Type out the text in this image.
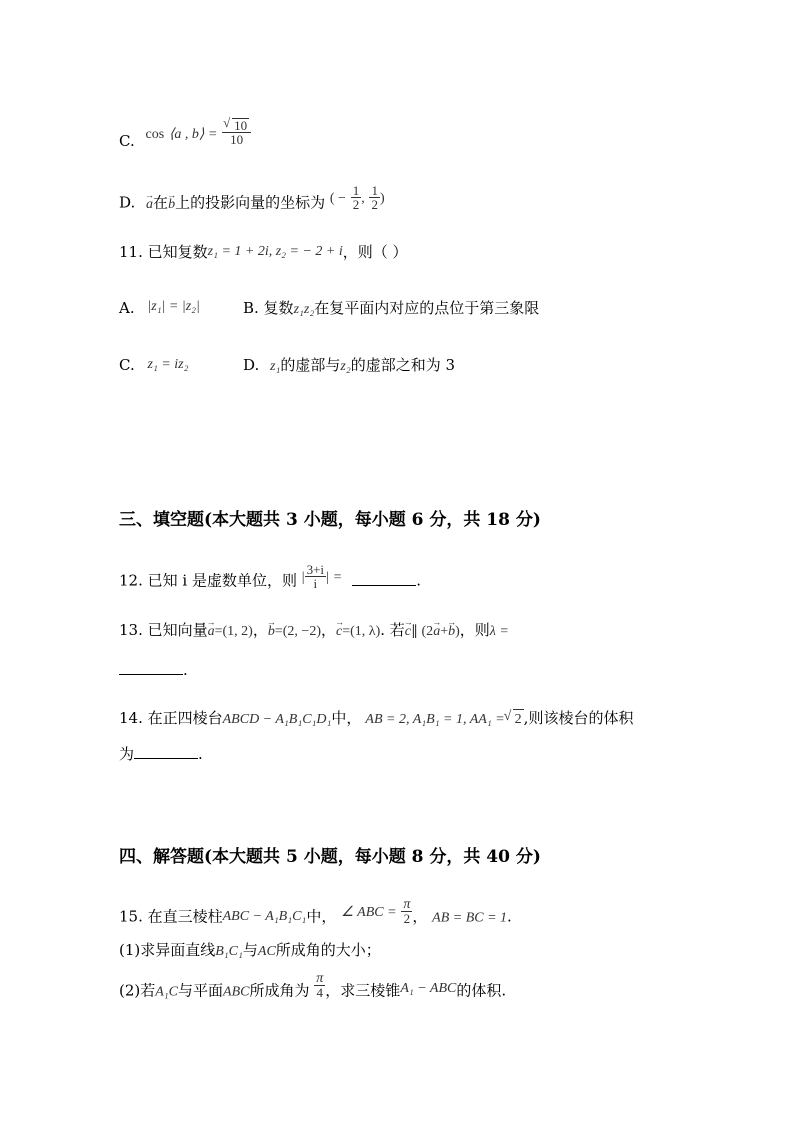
C. cos ⟨a , b⟩ = √ $\frac{10}{10}$
D. → a在→ b上的投影向量的坐标为 ( − $\frac{1}{2}$ , $\frac{1}{2}$ )
11. 已知复数z₁ = 1 + 2i, z₂ = − 2 + i，则（ ）
A. |z₁| = |z₂|	B. 复数z₁z₂在复平面内对应的点位于第三象限
C. z₁ = iz₂	D. z₁的虚部与z₂的虚部之和为 3
三、填空题(本大题共 3 小题，每小题 6 分，共 18 分)
12. 已知 i 是虚数单位，则 | $\frac{3+i}{i}$ | =	.
13. 已知向量→ a=(1, 2)，→ b=(2, −2)，→ c=(1, λ). 若→ c∥ (2→ a+→ b)，则λ =
.
14. 在正四棱台ABCD − A₁B₁C₁D₁中， AB = 2, A₁B₁ = 1, AA₁ = √ 2 ,则该棱台的体积
为	.
四、解答题(本大题共 5 小题，每小题 8 分，共 40 分)
15. 在直三棱柱ABC − A₁B₁C₁中， ∠ ABC = $\frac{\pi}{2}$ ， AB = BC = 1.
(1)求异面直线B₁C₁与AC所成角的大小；
(2)若A₁C与平面ABC所成角为 $\frac{\pi}{4}$ ，求三棱锥A₁ − ABC的体积.
